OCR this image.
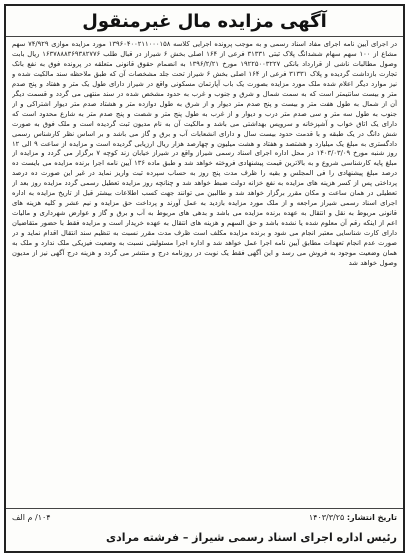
آگهی مزایده مال غیرمنقول
در اجرای آیین نامه اجرای مفاد اسناد رسمی و به موجب پرونده اجرایی کلاسه ۱۳۹۶۰۴۰۰۲۱۱۰۰۰۱۵۸ مورد مزایده موازی ۷۴/۹۲۹ سهم مشاع از ۱۰۰ سهم سهام ششدانگ پلاک ثبتی ۳۱۳۳۱ فرعی از ۱۶۴ اصلی بخش ۶ شیراز در قبال طلب ۱۶۳۷۸۸۸۳۶۹۳۸۲۷۷۶ ریال بابت وصول مطالبات ناشی از قرارداد بانکی ۱۹۲۲۵۰۰۳۲۲۷ مورخ ۱۳۹۶/۲/۲۱ به انضمام حقوق قانونی متعلقه در پرونده فوق به نفع بانک تجارت بازداشت گردیده و پلاک ۳۱۳۳۱ فرعی از ۱۶۴ اصلی بخش ۶ شیراز تحت جلد مشخصات آن که طبق ملاحظه سند مالکیت شده و نیز موارد دیگر اعلام شده ملک مورد مزایده بصورت یک باب آپارتمان مسکونی واقع در شیراز دارای طول یک متر و هفتاد و پنج صدم متر و بیست سانتیمتر است که به سمت شمال و شرق و جنوب و غرب به حدود مشخص شده در سند منتهی می گردد و قسمت دیگر آن از شمال به طول هفت متر و بیست و پنج صدم متر دیوار و از شرق به طول دوازده متر و هشتاد صدم متر دیوار اشتراکی و از جنوب به طول سه متر و سی صدم متر درب و دیوار و از غرب به طول پنج متر و شصت و پنج صدم متر به شارع محدود است که دارای یک اتاق خواب و آشپزخانه و سرویس بهداشتی می باشد و مالکیت آن به نام مدیون ثبت گردیده است و ملک فوق به صورت شش دانگ در یک طبقه و با قدمت حدود بیست سال و دارای انشعابات آب و برق و گاز می باشد و بر اساس نظر کارشناس رسمی دادگستری به مبلغ یک میلیارد و هشتصد و هفتاد و هشت میلیون و چهارصد هزار ریال ارزیابی گردیده است و مزایده از ساعت ۹ الی ۱۲ روز شنبه مورخ ۱۴۰۳/۰۳/۰۹ در محل اداره اجرای اسناد رسمی شیراز واقع در شیراز خیابان زند کوچه ۷ برگزار می گردد و مزایده از مبلغ پایه کارشناسی شروع و به بالاترین قیمت پیشنهادی فروخته خواهد شد و طبق ماده ۱۳۶ آیین نامه اجرا برنده مزایده می بایست ده درصد مبلغ پیشنهادی را فی المجلس و بقیه را ظرف مدت پنج روز به حساب سپرده ثبت واریز نماید در غیر این صورت ده درصد پرداختی پس از کسر هزینه های مزایده به نفع خزانه دولت ضبط خواهد شد و چنانچه روز مزایده تعطیل رسمی گردد مزایده روز بعد از تعطیلی در همان ساعت و مکان مقرر برگزار خواهد شد و طالبین می توانند جهت کسب اطلاعات بیشتر قبل از تاریخ مزایده به اداره اجرای اسناد رسمی شیراز مراجعه و از ملک مورد مزایده بازدید به عمل آورند و پرداخت حق مزایده و نیم عشر و کلیه هزینه های قانونی مربوط به نقل و انتقال به عهده برنده مزایده می باشد و بدهی های مربوط به آب و برق و گاز و عوارض شهرداری و مالیات اعم از اینکه رقم آن معلوم شده یا نشده باشد و حق السهم و هزینه های انتقال به عهده خریدار است و مزایده فقط با حضور متقاضیان دارای کارت شناسایی معتبر انجام می شود و برنده مزایده مکلف است ظرف مدت مقرر نسبت به تنظیم سند انتقال اقدام نماید و در صورت عدم انجام تعهدات مطابق آیین نامه اجرا عمل خواهد شد و اداره اجرا مسئولیتی نسبت به وضعیت فیزیکی ملک ندارد و ملک به همان وضعیت موجود به فروش می رسد و این آگهی فقط یک نوبت در روزنامه درج و منتشر می گردد و هزینه درج آگهی نیز از مدیون وصول خواهد شد
تاریخ انتشار: ۱۴۰۳/۳/۲۵
۱۰۴/ م الف
رئیس اداره اجرای اسناد رسمی شیراز – فرشته مرادی
